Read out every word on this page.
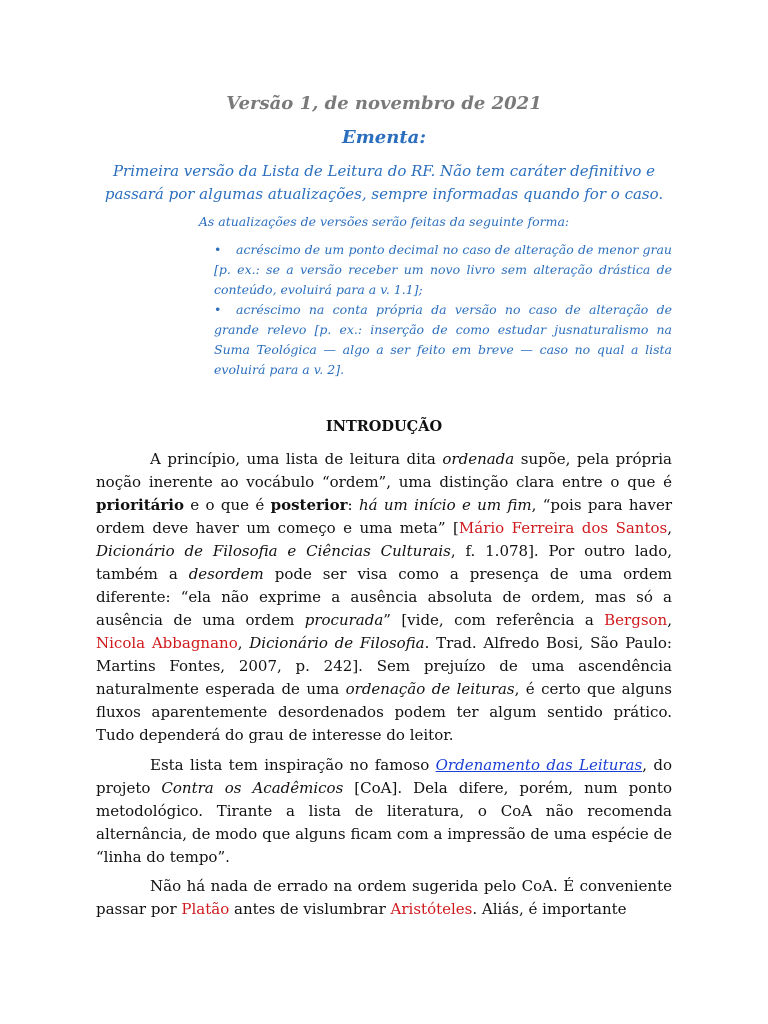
Versão 1, de novembro de 2021
Ementa:
Primeira versão da Lista de Leitura do RF. Não tem caráter definitivo e passará por algumas atualizações, sempre informadas quando for o caso.
As atualizações de versões serão feitas da seguinte forma:
• acréscimo de um ponto decimal no caso de alteração de menor grau [p. ex.: se a versão receber um novo livro sem alteração drástica de conteúdo, evoluirá para a v. 1.1];
• acréscimo na conta própria da versão no caso de alteração de grande relevo [p. ex.: inserção de como estudar jusnaturalismo na Suma Teológica — algo a ser feito em breve — caso no qual a lista evoluirá para a v. 2].
INTRODUÇÃO

A princípio, uma lista de leitura dita ordenada supõe, pela própria noção inerente ao vocábulo “ordem”, uma distinção clara entre o que é prioritário e o que é posterior: há um início e um fim, “pois para haver ordem deve haver um começo e uma meta” [Mário Ferreira dos Santos, Dicionário de Filosofia e Ciências Culturais, f. 1.078]. Por outro lado, também a desordem pode ser visa como a presença de uma ordem diferente: “ela não exprime a ausência absoluta de ordem, mas só a ausência de uma ordem procurada” [vide, com referência a Bergson, Nicola Abbagnano, Dicionário de Filosofia. Trad. Alfredo Bosi, São Paulo: Martins Fontes, 2007, p. 242]. Sem prejuízo de uma ascendência naturalmente esperada de uma ordenação de leituras, é certo que alguns fluxos aparentemente desordenados podem ter algum sentido prático. Tudo dependerá do grau de interesse do leitor.

Esta lista tem inspiração no famoso Ordenamento das Leituras, do projeto Contra os Acadêmicos [CoA]. Dela difere, porém, num ponto metodológico. Tirante a lista de literatura, o CoA não recomenda alternância, de modo que alguns ficam com a impressão de uma espécie de “linha do tempo”.

Não há nada de errado na ordem sugerida pelo CoA. É conveniente passar por Platão antes de vislumbrar Aristóteles. Aliás, é importante
